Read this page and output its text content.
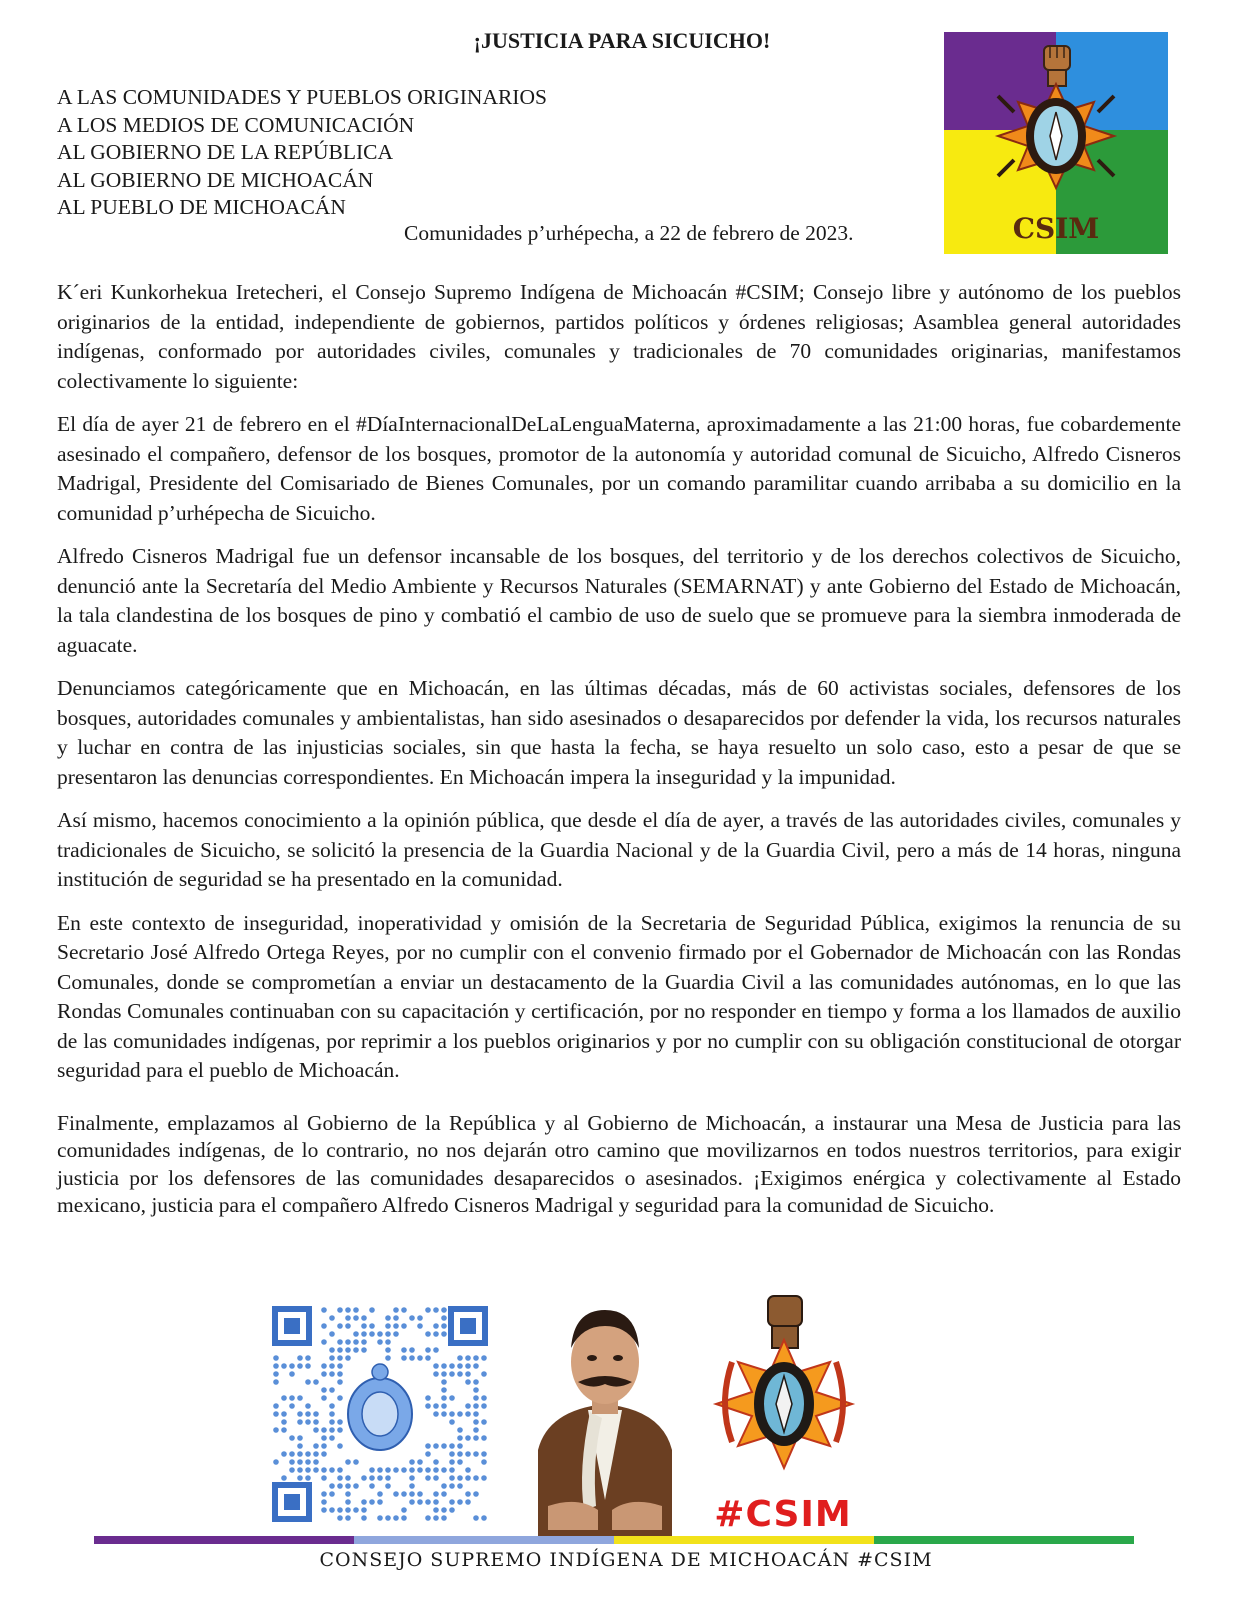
¡JUSTICIA PARA SICUICHO!
A LAS COMUNIDADES Y PUEBLOS ORIGINARIOS
A LOS MEDIOS DE COMUNICACIÓN
AL GOBIERNO DE LA REPÚBLICA
AL GOBIERNO DE MICHOACÁN
AL PUEBLO DE MICHOACÁN
Comunidades p’urhépecha, a 22 de febrero de 2023.	CSIM

K´eri Kunkorhekua Iretecheri, el Consejo Supremo Indígena de Michoacán #CSIM; Consejo libre y autónomo de los pueblos originarios de la entidad, independiente de gobiernos, partidos políticos y órdenes religiosas; Asamblea general autoridades indígenas, conformado por autoridades civiles, comunales y tradicionales de 70 comunidades originarias, manifestamos colectivamente lo siguiente:

El día de ayer 21 de febrero en el #DíaInternacionalDeLaLenguaMaterna, aproximadamente a las 21:00 horas, fue cobardemente asesinado el compañero, defensor de los bosques, promotor de la autonomía y autoridad comunal de Sicuicho, Alfredo Cisneros Madrigal, Presidente del Comisariado de Bienes Comunales, por un comando paramilitar cuando arribaba a su domicilio en la comunidad p’urhépecha de Sicuicho.

Alfredo Cisneros Madrigal fue un defensor incansable de los bosques, del territorio y de los derechos colectivos de Sicuicho, denunció ante la Secretaría del Medio Ambiente y Recursos Naturales (SEMARNAT) y ante Gobierno del Estado de Michoacán, la tala clandestina de los bosques de pino y combatió el cambio de uso de suelo que se promueve para la siembra inmoderada de aguacate.

Denunciamos categóricamente que en Michoacán, en las últimas décadas, más de 60 activistas sociales, defensores de los bosques, autoridades comunales y ambientalistas, han sido asesinados o desaparecidos por defender la vida, los recursos naturales y luchar en contra de las injusticias sociales, sin que hasta la fecha, se haya resuelto un solo caso, esto a pesar de que se presentaron las denuncias correspondientes. En Michoacán impera la inseguridad y la impunidad.

Así mismo, hacemos conocimiento a la opinión pública, que desde el día de ayer, a través de las autoridades civiles, comunales y tradicionales de Sicuicho, se solicitó la presencia de la Guardia Nacional y de la Guardia Civil, pero a más de 14 horas, ninguna institución de seguridad se ha presentado en la comunidad.

En este contexto de inseguridad, inoperatividad y omisión de la Secretaria de Seguridad Pública, exigimos la renuncia de su Secretario José Alfredo Ortega Reyes, por no cumplir con el convenio firmado por el Gobernador de Michoacán con las Rondas Comunales, donde se comprometían a enviar un destacamento de la Guardia Civil a las comunidades autónomas, en lo que las Rondas Comunales continuaban con su capacitación y certificación, por no responder en tiempo y forma a los llamados de auxilio de las comunidades indígenas, por reprimir a los pueblos originarios y por no cumplir con su obligación constitucional de otorgar seguridad para el pueblo de Michoacán.

Finalmente, emplazamos al Gobierno de la República y al Gobierno de Michoacán, a instaurar una Mesa de Justicia para las comunidades indígenas, de lo contrario, no nos dejarán otro camino que movilizarnos en todos nuestros territorios, para exigir justicia por los defensores de las comunidades desaparecidos o asesinados. ¡Exigimos enérgica y colectivamente al Estado mexicano, justicia para el compañero Alfredo Cisneros Madrigal y seguridad para la comunidad de Sicuicho.

#CSIM
CONSEJO SUPREMO INDÍGENA DE MICHOACÁN #CSIM
